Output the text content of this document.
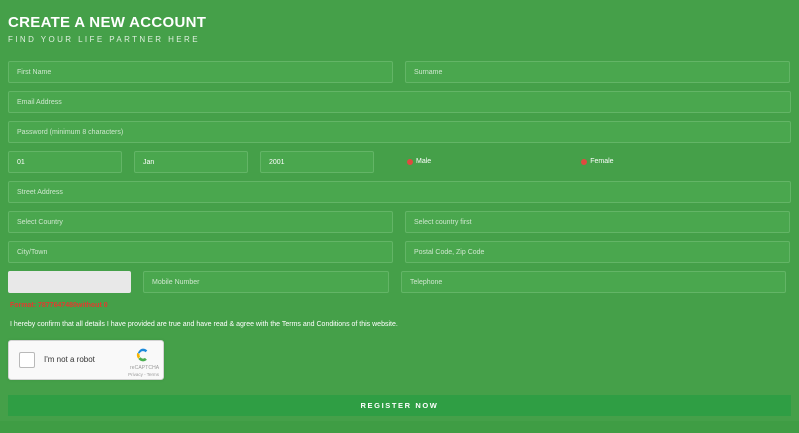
CREATE A NEW ACCOUNT
FIND YOUR LIFE PARTNER HERE
First Name	Surname
Email Address
Password (minimum 8 characters)
01	Jan	2001	Male	Female
Street Address
Select Country	Select country first
City/Town	Postal Code, Zip Code
Mobile Number	Telephone
Format: 7877647480without 0
I hereby confirm that all details I have provided are true and have read & agree with the Terms and Conditions of this website.
I'm not a robot
reCAPTCHA
Privacy - Terms
REGISTER NOW
